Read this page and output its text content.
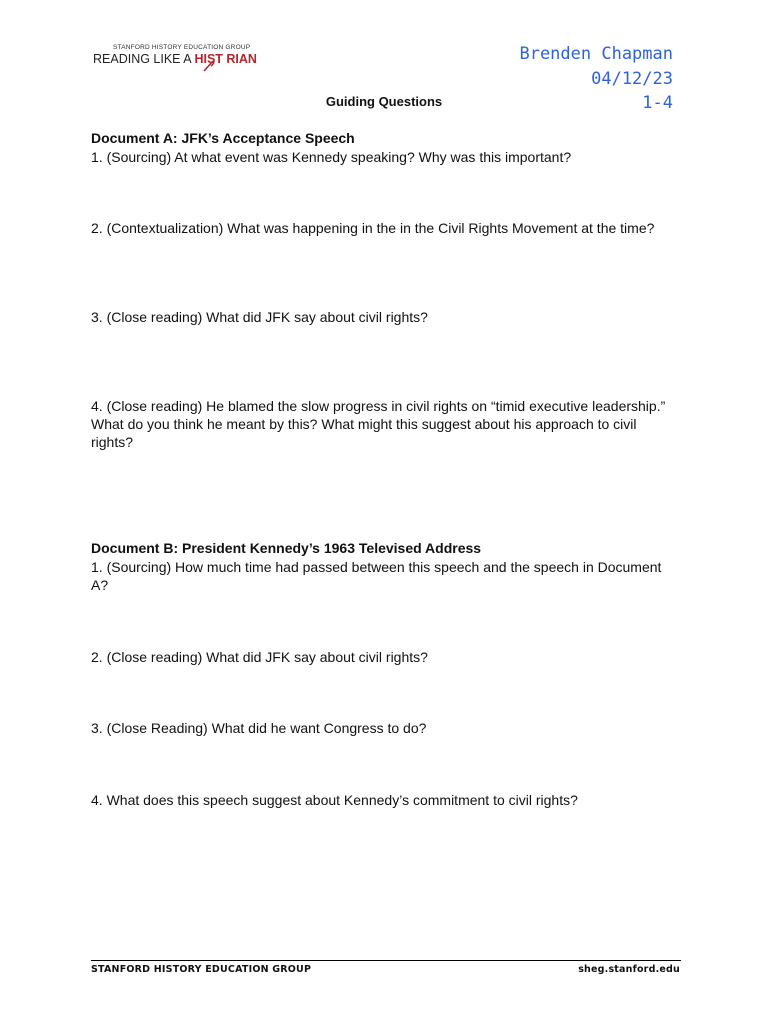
STANFORD HISTORY EDUCATION GROUP
READING LIKE A HIST RIAN	Brenden Chapman
04/12/23
1-4
Guiding Questions
Document A: JFK’s Acceptance Speech
1. (Sourcing) At what event was Kennedy speaking? Why was this important?
2. (Contextualization) What was happening in the in the Civil Rights Movement at the time?
3. (Close reading) What did JFK say about civil rights?
4. (Close reading) He blamed the slow progress in civil rights on “timid executive leadership.” What do you think he meant by this? What might this suggest about his approach to civil rights?
Document B: President Kennedy’s 1963 Televised Address
1. (Sourcing) How much time had passed between this speech and the speech in Document A?
2. (Close reading) What did JFK say about civil rights?
3. (Close Reading) What did he want Congress to do?
4. What does this speech suggest about Kennedy’s commitment to civil rights?
STANFORD HISTORY EDUCATION GROUP	sheg.stanford.edu
